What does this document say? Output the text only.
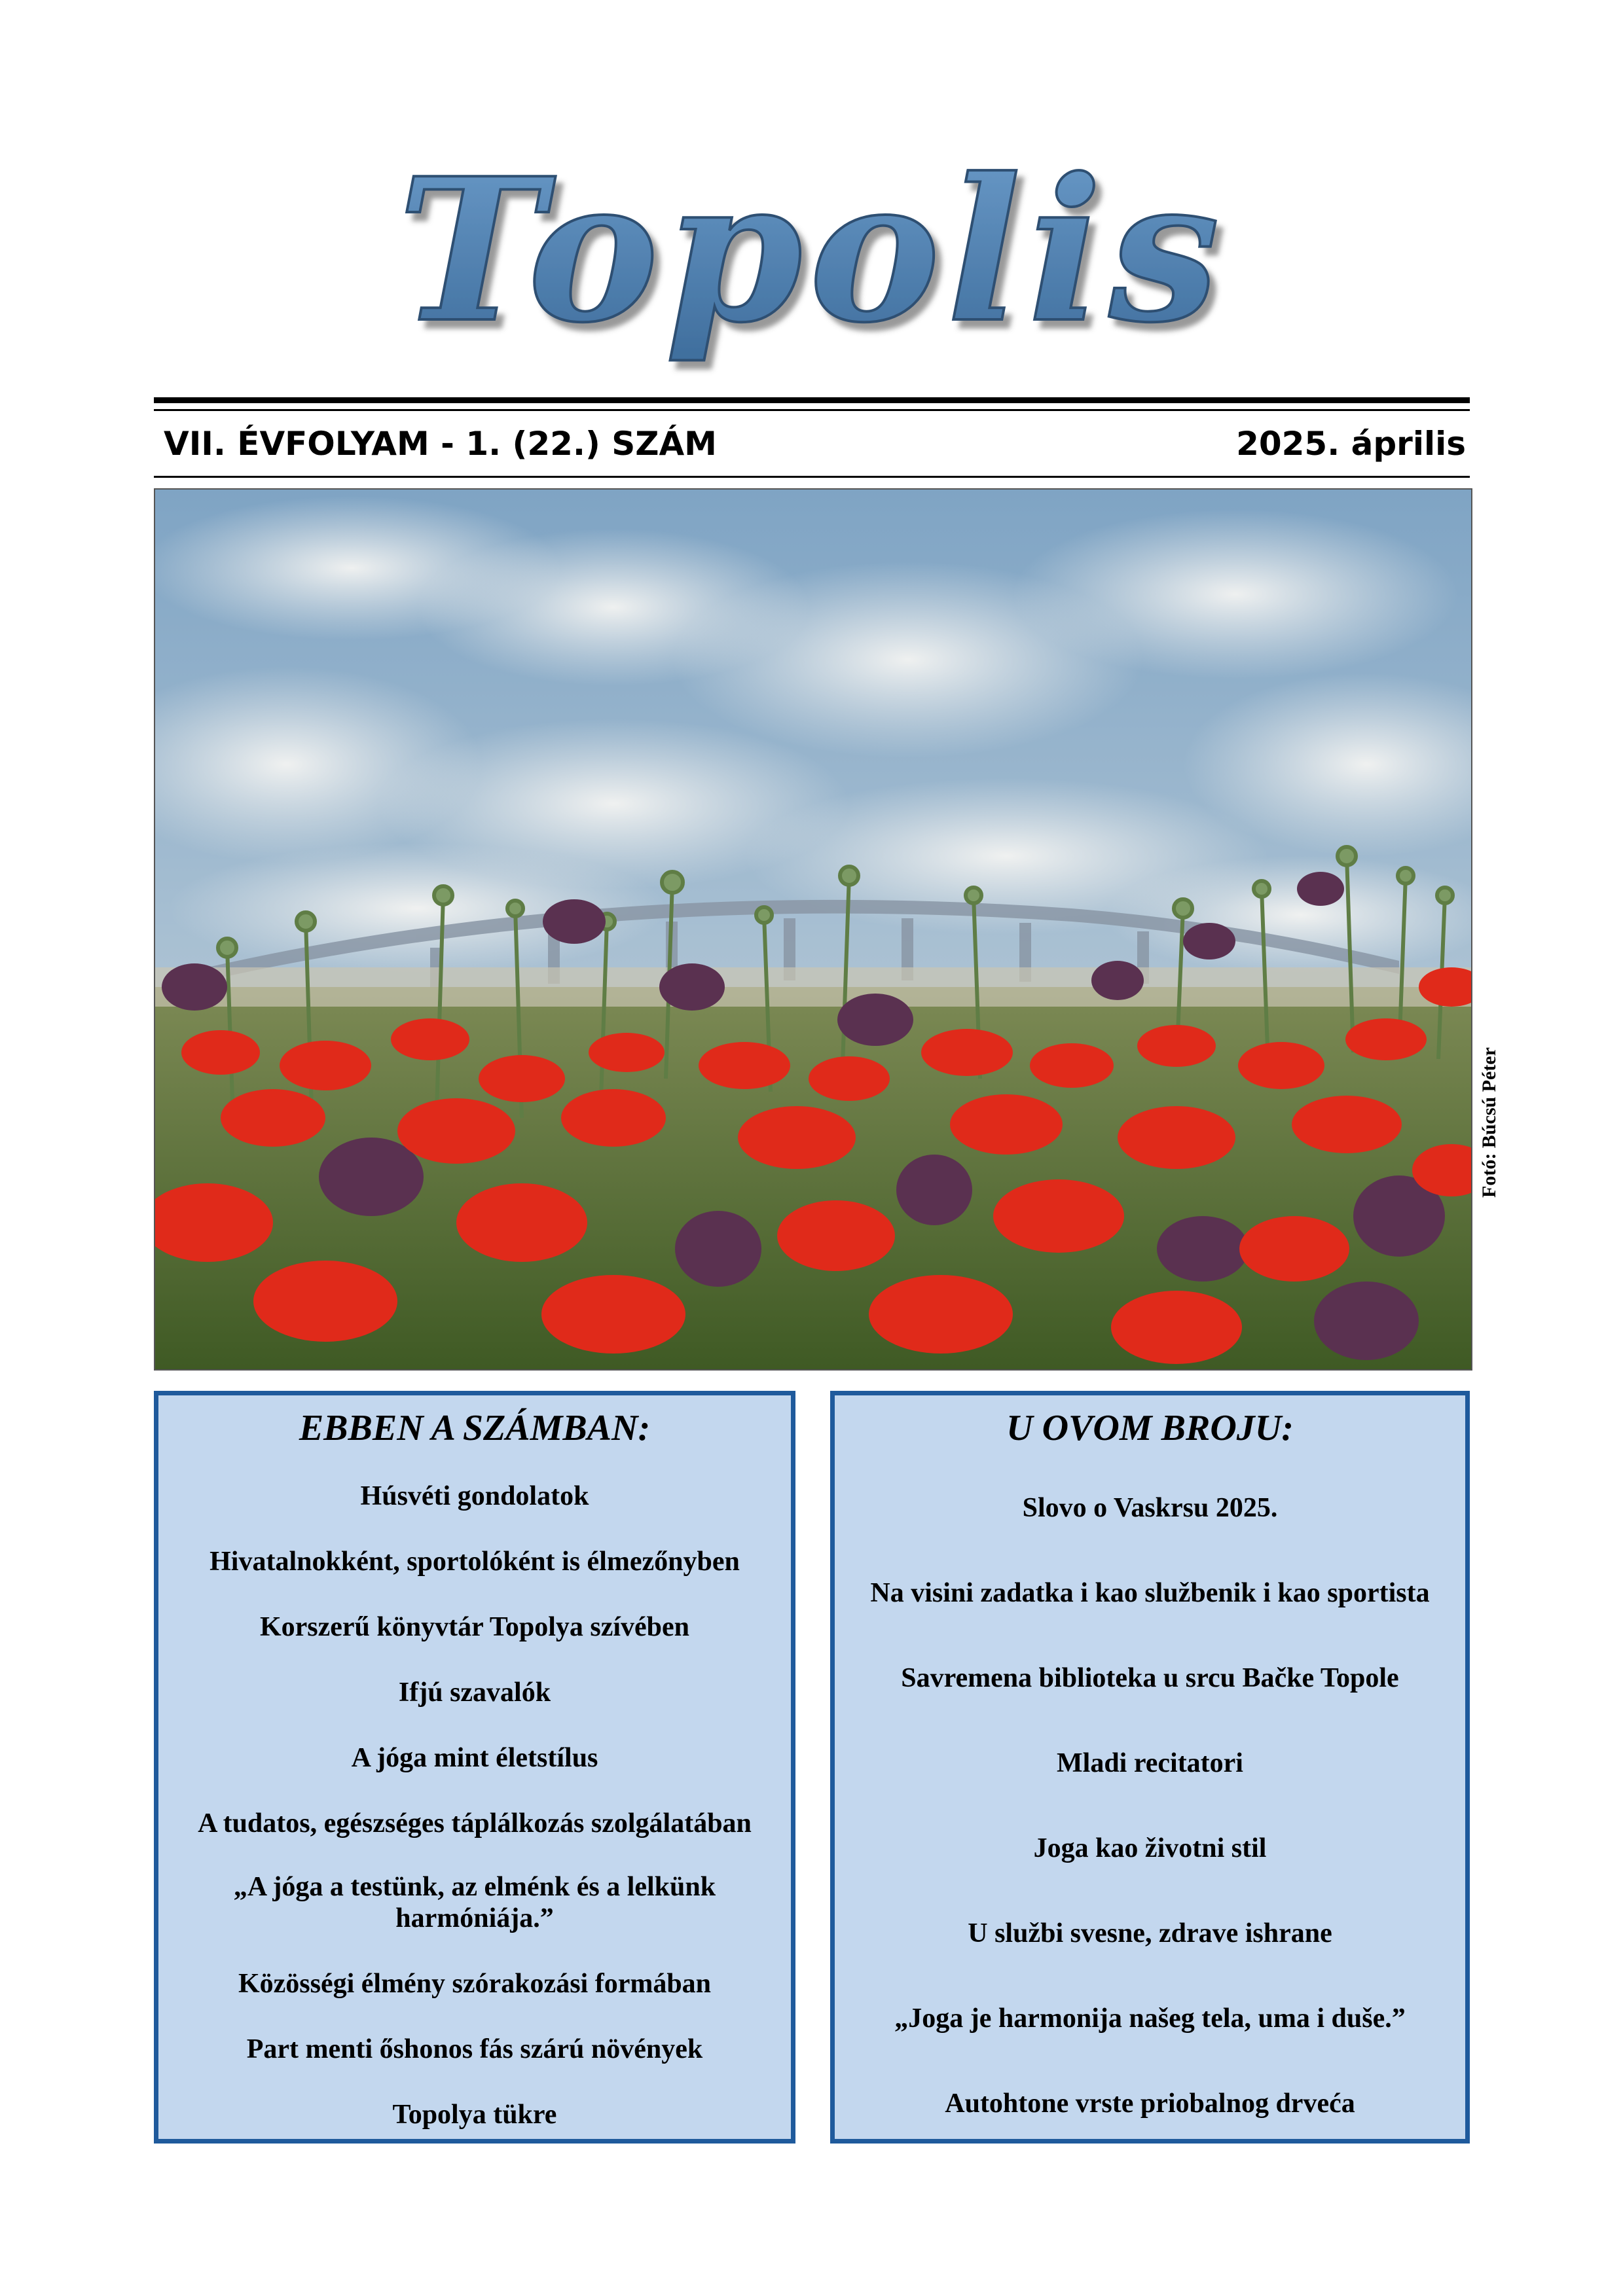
Topolis
VII. ÉVFOLYAM - 1. (22.) SZÁM	2025. április
Fotó: Búcsú Péter
EBBEN A SZÁMBAN:
Húsvéti gondolatok
Hivatalnokként, sportolóként is élmezőnyben
Korszerű könyvtár Topolya szívében
Ifjú szavalók
A jóga mint életstílus
A tudatos, egészséges táplálkozás szolgálatában
„A jóga a testünk, az elménk és a lelkünk
harmóniája.”
Közösségi élmény szórakozási formában
Part menti őshonos fás szárú növények
Topolya tükre
U OVOM BROJU:
Slovo o Vaskrsu 2025.
Na visini zadatka i kao službenik i kao sportista
Savremena biblioteka u srcu Bačke Topole
Mladi recitatori
Joga kao životni stil
U službi svesne, zdrave ishrane
„Joga je harmonija našeg tela, uma i duše.”
Autohtone vrste priobalnog drveća
